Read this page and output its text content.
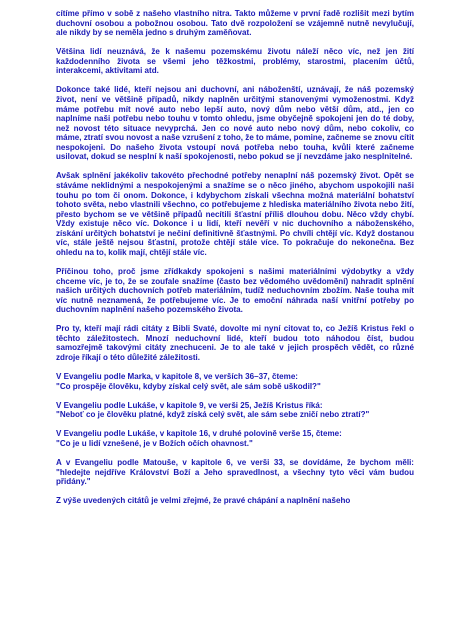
cítíme přímo v sobě z našeho vlastního nitra. Takto můžeme v první řadě rozlišit mezi bytím duchovní osobou a pobožnou osobou. Tato dvě rozpoložení se vzájemně nutně nevylučují, ale nikdy by se neměla jedno s druhým zaměňovat.

Většina lidí neuznává, že k našemu pozemskému životu náleží něco víc, než jen žití každodenního života se všemi jeho těžkostmi, problémy, starostmi, placením účtů, interakcemi, aktivitami atd.

Dokonce také lidé, kteří nejsou ani duchovní, ani náboženští, uznávají, že náš pozemský život, není ve většině případů, nikdy naplněn určitými stanovenými vymoženostmi. Když máme potřebu mít nové auto nebo lepší auto, nový dům nebo větší dům, atd., jen co naplníme naši potřebu nebo touhu v tomto ohledu, jsme obyčejně spokojeni jen do té doby, než novost této situace nevyprchá. Jen co nové auto nebo nový dům, nebo cokoliv, co máme, ztratí svou novost a naše vzrušení z toho, že to máme, pomine, začneme se znovu cítit nespokojeni. Do našeho života vstoupí nová potřeba nebo touha, kvůli které začneme usilovat, dokud se nesplní k naší spokojenosti, nebo pokud se jí nevzdáme jako nesplnitelné.

Avšak splnění jakékoliv takovéto přechodné potřeby nenaplní náš pozemský život. Opět se stáváme neklidnými a nespokojenými a snažíme se o něco jiného, abychom uspokojili naši touhu po tom či onom. Dokonce, i kdybychom získali všechna možná materiální bohatství tohoto světa, nebo vlastnili všechno, co potřebujeme z hlediska materiálního života nebo žití, přesto bychom se ve většině případů necítili šťastní příliš dlouhou dobu. Něco vždy chybí. Vždy existuje něco víc. Dokonce i u lidí, kteří nevěří v nic duchovního a náboženského, získání určitých bohatství je nečiní definitivně šťastnými. Po chvíli chtějí víc. Když dostanou víc, stále ještě nejsou šťastní, protože chtějí stále více. To pokračuje do nekonečna. Bez ohledu na to, kolik mají, chtějí stále víc.

Příčinou toho, proč jsme zřídkakdy spokojeni s našimi materiálními výdobytky a vždy chceme víc, je to, že se zoufale snažíme (často bez vědomého uvědomění) nahradit splnění našich určitých duchovních potřeb materiálním, tudíž neduchovním zbožím. Naše touha mít víc nutně neznamená, že potřebujeme víc. Je to emoční náhrada naší vnitřní potřeby po duchovním naplnění našeho pozemského života.

Pro ty, kteří mají rádi citáty z Bibli Svaté, dovolte mi nyní citovat to, co Ježíš Kristus řekl o těchto záležitostech. Mnozí neduchovní lidé, kteří budou toto náhodou číst, budou samozřejmě takovými citáty znechuceni. Je to ale také v jejich prospěch vědět, co různé zdroje říkají o této důležité záležitosti.

V Evangeliu podle Marka, v kapitole 8, ve verších 36–37, čteme:
"Co prospěje člověku, kdyby získal celý svět, ale sám sobě uškodil?"
V Evangeliu podle Lukáše, v kapitole 9, ve verši 25, Ježíš Kristus říká:
"Neboť co je člověku platné, když získá celý svět, ale sám sebe zničí nebo ztratí?"
V Evangeliu podle Lukáše, v kapitole 16, v druhé polovině verše 15, čteme:
"Co je u lidí vznešené, je v Božích očích ohavnost."

A v Evangeliu podle Matouše, v kapitole 6, ve verši 33, se dovídáme, že bychom měli: "hledejte nejdříve Království Boží a Jeho spravedlnost, a všechny tyto věci vám budou přidány."

Z výše uvedených citátů je velmi zřejmé, že pravé chápání a naplnění našeho
